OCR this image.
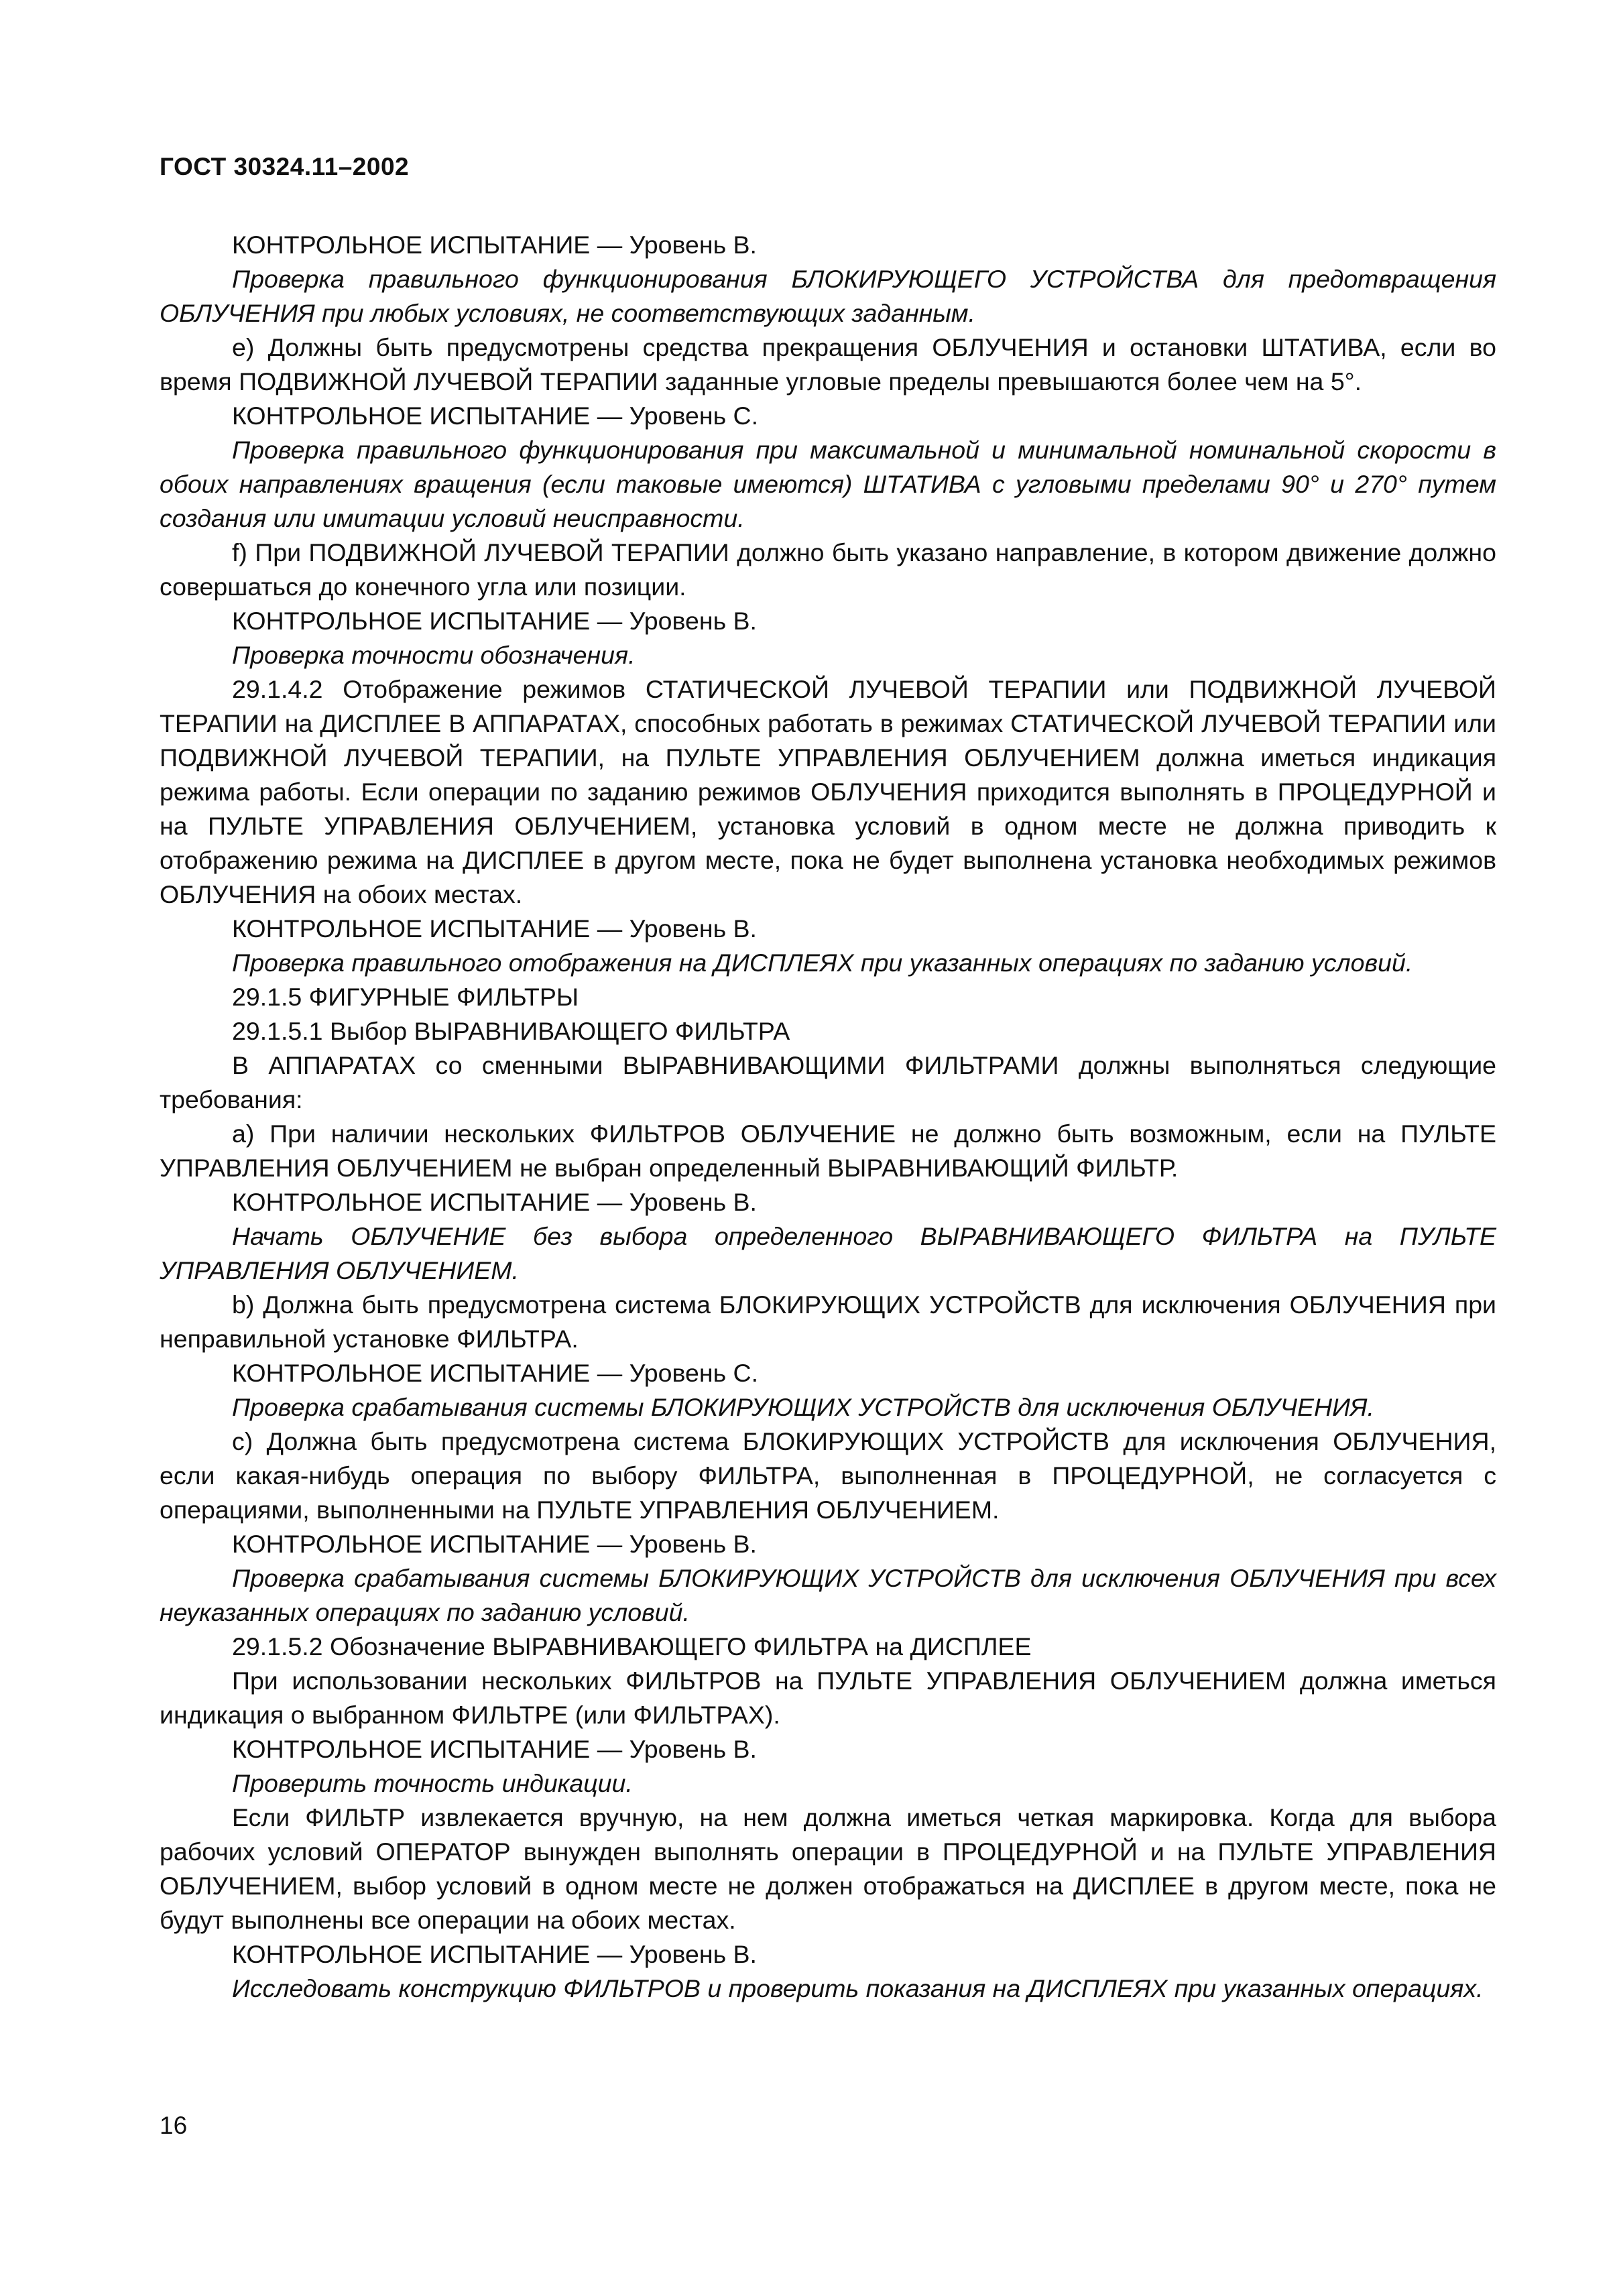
ГОСТ 30324.11–2002

КОНТРОЛЬНОЕ ИСПЫТАНИЕ — Уровень В.

Проверка правильного функционирования БЛОКИРУЮЩЕГО УСТРОЙСТВА для предотвращения ОБЛУЧЕНИЯ при любых условиях, не соответствующих заданным.

е) Должны быть предусмотрены средства прекращения ОБЛУЧЕНИЯ и остановки ШТАТИВА, если во время ПОДВИЖНОЙ ЛУЧЕВОЙ ТЕРАПИИ заданные угловые пределы превышаются более чем на 5°.

КОНТРОЛЬНОЕ ИСПЫТАНИЕ — Уровень С.

Проверка правильного функционирования при максимальной и минимальной номинальной скорости в обоих направлениях вращения (если таковые имеются) ШТАТИВА с угловыми пределами 90° и 270° путем создания или имитации условий неисправности.

f) При ПОДВИЖНОЙ ЛУЧЕВОЙ ТЕРАПИИ должно быть указано направление, в котором движение должно совершаться до конечного угла или позиции.

КОНТРОЛЬНОЕ ИСПЫТАНИЕ — Уровень В.

Проверка точности обозначения.

29.1.4.2 Отображение режимов СТАТИЧЕСКОЙ ЛУЧЕВОЙ ТЕРАПИИ или ПОДВИЖНОЙ ЛУЧЕВОЙ ТЕРАПИИ на ДИСПЛЕЕ В АППАРАТАХ, способных работать в режимах СТАТИЧЕСКОЙ ЛУЧЕВОЙ ТЕРАПИИ или ПОДВИЖНОЙ ЛУЧЕВОЙ ТЕРАПИИ, на ПУЛЬТЕ УПРАВЛЕНИЯ ОБЛУЧЕНИЕМ должна иметься индикация режима работы. Если операции по заданию режимов ОБЛУЧЕНИЯ приходится выполнять в ПРОЦЕДУРНОЙ и на ПУЛЬТЕ УПРАВЛЕНИЯ ОБЛУЧЕНИЕМ, установка условий в одном месте не должна приводить к отображению режима на ДИСПЛЕЕ в другом месте, пока не будет выполнена установка необходимых режимов ОБЛУЧЕНИЯ на обоих местах.

КОНТРОЛЬНОЕ ИСПЫТАНИЕ — Уровень В.

Проверка правильного отображения на ДИСПЛЕЯХ при указанных операциях по заданию условий.

29.1.5 ФИГУРНЫЕ ФИЛЬТРЫ

29.1.5.1 Выбор ВЫРАВНИВАЮЩЕГО ФИЛЬТРА

В АППАРАТАХ со сменными ВЫРАВНИВАЮЩИМИ ФИЛЬТРАМИ должны выполняться следующие требования:

а) При наличии нескольких ФИЛЬТРОВ ОБЛУЧЕНИЕ не должно быть возможным, если на ПУЛЬТЕ УПРАВЛЕНИЯ ОБЛУЧЕНИЕМ не выбран определенный ВЫРАВНИВАЮЩИЙ ФИЛЬТР.

КОНТРОЛЬНОЕ ИСПЫТАНИЕ — Уровень В.

Начать ОБЛУЧЕНИЕ без выбора определенного ВЫРАВНИВАЮЩЕГО ФИЛЬТРА на ПУЛЬТЕ УПРАВЛЕНИЯ ОБЛУЧЕНИЕМ.

b) Должна быть предусмотрена система БЛОКИРУЮЩИХ УСТРОЙСТВ для исключения ОБЛУЧЕНИЯ при неправильной установке ФИЛЬТРА.

КОНТРОЛЬНОЕ ИСПЫТАНИЕ — Уровень С.

Проверка срабатывания системы БЛОКИРУЮЩИХ УСТРОЙСТВ для исключения ОБЛУЧЕНИЯ.

с) Должна быть предусмотрена система БЛОКИРУЮЩИХ УСТРОЙСТВ для исключения ОБЛУЧЕНИЯ, если какая-нибудь операция по выбору ФИЛЬТРА, выполненная в ПРОЦЕДУРНОЙ, не согласуется с операциями, выполненными на ПУЛЬТЕ УПРАВЛЕНИЯ ОБЛУЧЕНИЕМ.

КОНТРОЛЬНОЕ ИСПЫТАНИЕ — Уровень В.

Проверка срабатывания системы БЛОКИРУЮЩИХ УСТРОЙСТВ для исключения ОБЛУЧЕНИЯ при всех неуказанных операциях по заданию условий.

29.1.5.2 Обозначение ВЫРАВНИВАЮЩЕГО ФИЛЬТРА на ДИСПЛЕЕ

При использовании нескольких ФИЛЬТРОВ на ПУЛЬТЕ УПРАВЛЕНИЯ ОБЛУЧЕНИЕМ должна иметься индикация о выбранном ФИЛЬТРЕ (или ФИЛЬТРАХ).

КОНТРОЛЬНОЕ ИСПЫТАНИЕ — Уровень В.

Проверить точность индикации.

Если ФИЛЬТР извлекается вручную, на нем должна иметься четкая маркировка. Когда для выбора рабочих условий ОПЕРАТОР вынужден выполнять операции в ПРОЦЕДУРНОЙ и на ПУЛЬТЕ УПРАВЛЕНИЯ ОБЛУЧЕНИЕМ, выбор условий в одном месте не должен отображаться на ДИСПЛЕЕ в другом месте, пока не будут выполнены все операции на обоих местах.

КОНТРОЛЬНОЕ ИСПЫТАНИЕ — Уровень В.

Исследовать конструкцию ФИЛЬТРОВ и проверить показания на ДИСПЛЕЯХ при указанных операциях.

16
